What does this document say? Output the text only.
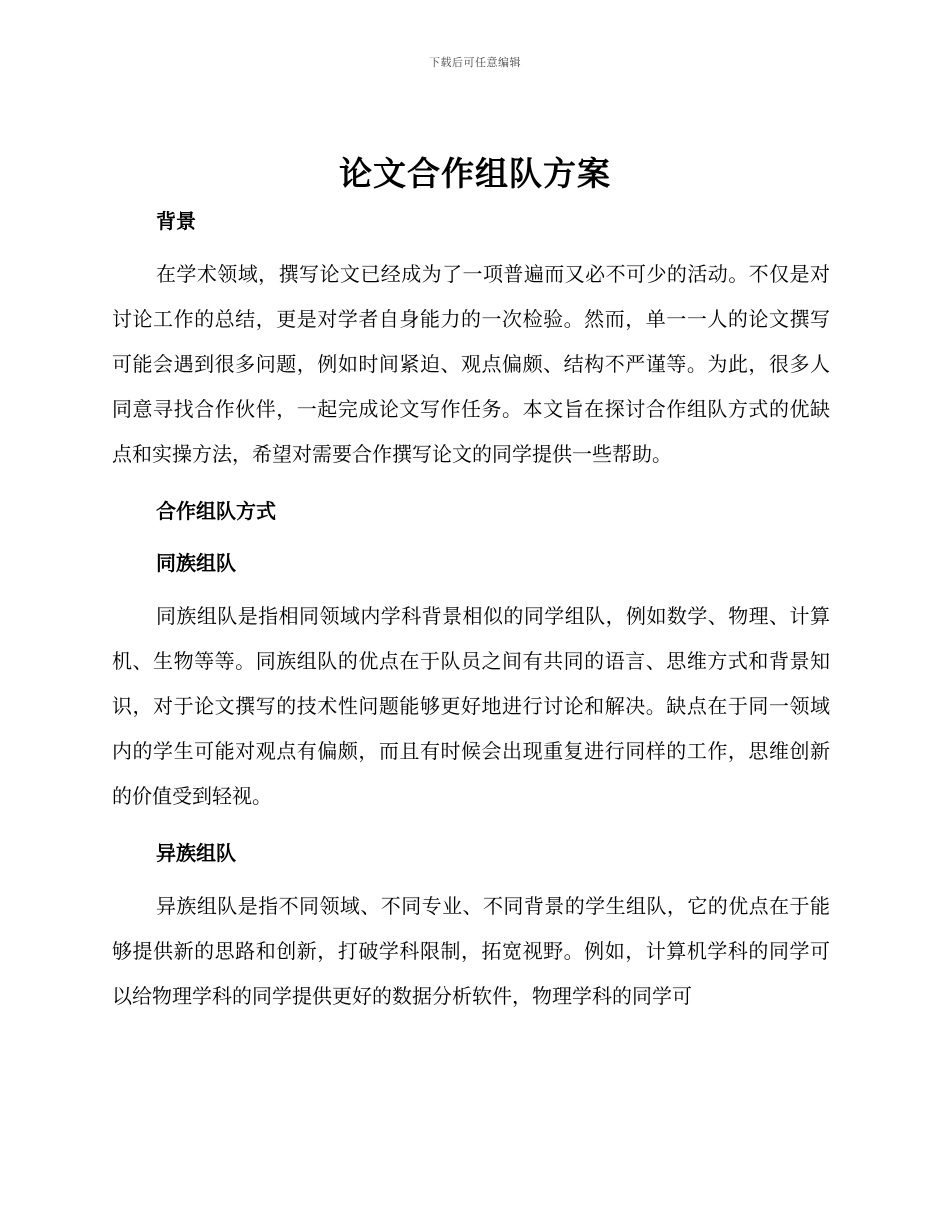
下载后可任意编辑
论文合作组队方案
背景

在学术领域，撰写论文已经成为了一项普遍而又必不可少的活动。不仅是对讨论工作的总结，更是对学者自身能力的一次检验。然而，单一一人的论文撰写可能会遇到很多问题，例如时间紧迫、观点偏颇、结构不严谨等。为此，很多人同意寻找合作伙伴，一起完成论文写作任务。本文旨在探讨合作组队方式的优缺点和实操方法，希望对需要合作撰写论文的同学提供一些帮助。

合作组队方式
同族组队

同族组队是指相同领域内学科背景相似的同学组队，例如数学、物理、计算机、生物等等。同族组队的优点在于队员之间有共同的语言、思维方式和背景知识，对于论文撰写的技术性问题能够更好地进行讨论和解决。缺点在于同一领域内的学生可能对观点有偏颇，而且有时候会出现重复进行同样的工作，思维创新的价值受到轻视。

异族组队

异族组队是指不同领域、不同专业、不同背景的学生组队，它的优点在于能够提供新的思路和创新，打破学科限制，拓宽视野。例如，计算机学科的同学可以给物理学科的同学提供更好的数据分析软件，物理学科的同学可
